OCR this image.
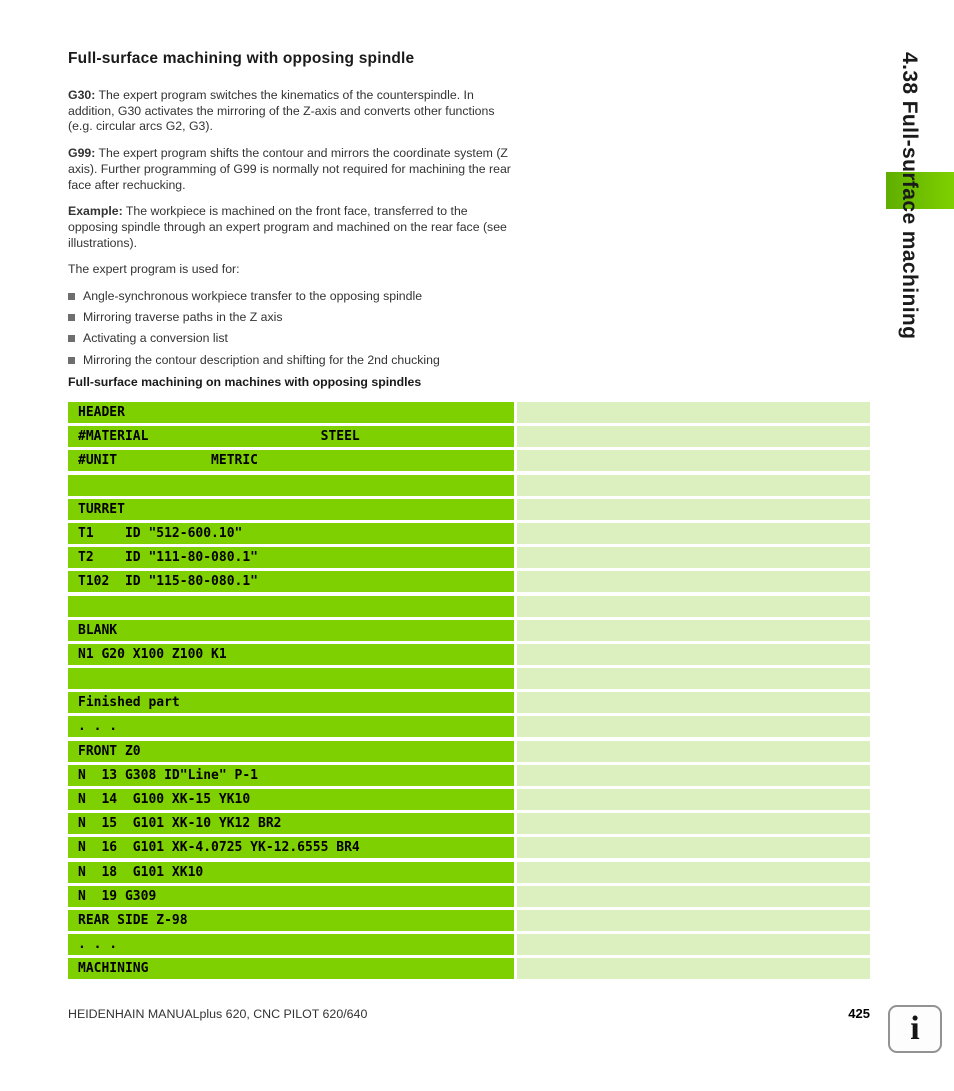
Full-surface machining with opposing spindle

G30: The expert program switches the kinematics of the counterspindle. In addition, G30 activates the mirroring of the Z-axis and converts other functions (e.g. circular arcs G2, G3).

G99: The expert program shifts the contour and mirrors the coordinate system (Z axis). Further programming of G99 is normally not required for machining the rear face after rechucking.

Example: The workpiece is machined on the front face, transferred to the opposing spindle through an expert program and machined on the rear face (see illustrations).

The expert program is used for:

Angle-synchronous workpiece transfer to the opposing spindle
Mirroring traverse paths in the Z axis
Activating a conversion list
Mirroring the contour description and shifting for the 2nd chucking
Full-surface machining on machines with opposing spindles
HEADER
#MATERIAL                      STEEL
#UNIT            METRIC
TURRET
T1    ID "512-600.10"
T2    ID "111-80-080.1"
T102  ID "115-80-080.1"
BLANK
N1 G20 X100 Z100 K1
Finished part
. . .
FRONT Z0
N  13 G308 ID"Line" P-1
N  14  G100 XK-15 YK10
N  15  G101 XK-10 YK12 BR2
N  16  G101 XK-4.0725 YK-12.6555 BR4
N  18  G101 XK10
N  19 G309
REAR SIDE Z-98
. . .
MACHINING
4.38 Full-surface machining
HEIDENHAIN MANUALplus 620, CNC PILOT 620/640	425 i
